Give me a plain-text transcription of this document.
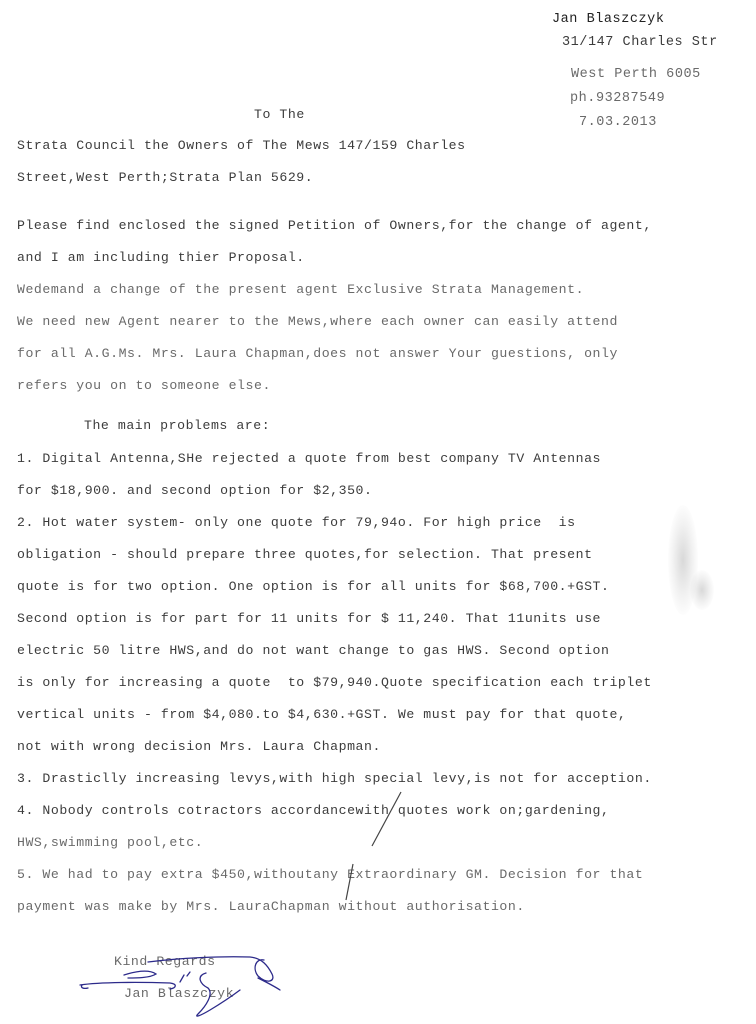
Jan Blaszczyk
31/147 Charles Str
West Perth 6005
ph.93287549
7.03.2013
To The
Strata Council the Owners of The Mews 147/159 Charles
Street,West Perth;Strata Plan 5629.
Please find enclosed the signed Petition of Owners,for the change of agent,
and I am including thier Proposal.
Wedemand a change of the present agent Exclusive Strata Management.
We need new Agent nearer to the Mews,where each owner can easily attend
for all A.G.Ms. Mrs. Laura Chapman,does not answer Your guestions, only
refers you on to someone else.
The main problems are:
1. Digital Antenna,SHe rejected a quote from best company TV Antennas
for $18,900. and second option for $2,350.
2. Hot water system- only one quote for 79,94o. For high price  is
obligation - should prepare three quotes,for selection. That present
quote is for two option. One option is for all units for $68,700.+GST.
Second option is for part for 11 units for $ 11,240. That 11units use
electric 50 litre HWS,and do not want change to gas HWS. Second option
is only for increasing a quote  to $79,940.Quote specification each triplet
vertical units - from $4,080.to $4,630.+GST. We must pay for that quote,
not with wrong decision Mrs. Laura Chapman.
3. Drasticlly increasing levys,with high special levy,is not for acception.
4. Nobody controls cotractors accordancewith quotes work on;gardening,
HWS,swimming pool,etc.
5. We had to pay extra $450,withoutany Extraordinary GM. Decision for that
payment was make by Mrs. LauraChapman without authorisation.
Kind Regards
Jan Blaszczyk
